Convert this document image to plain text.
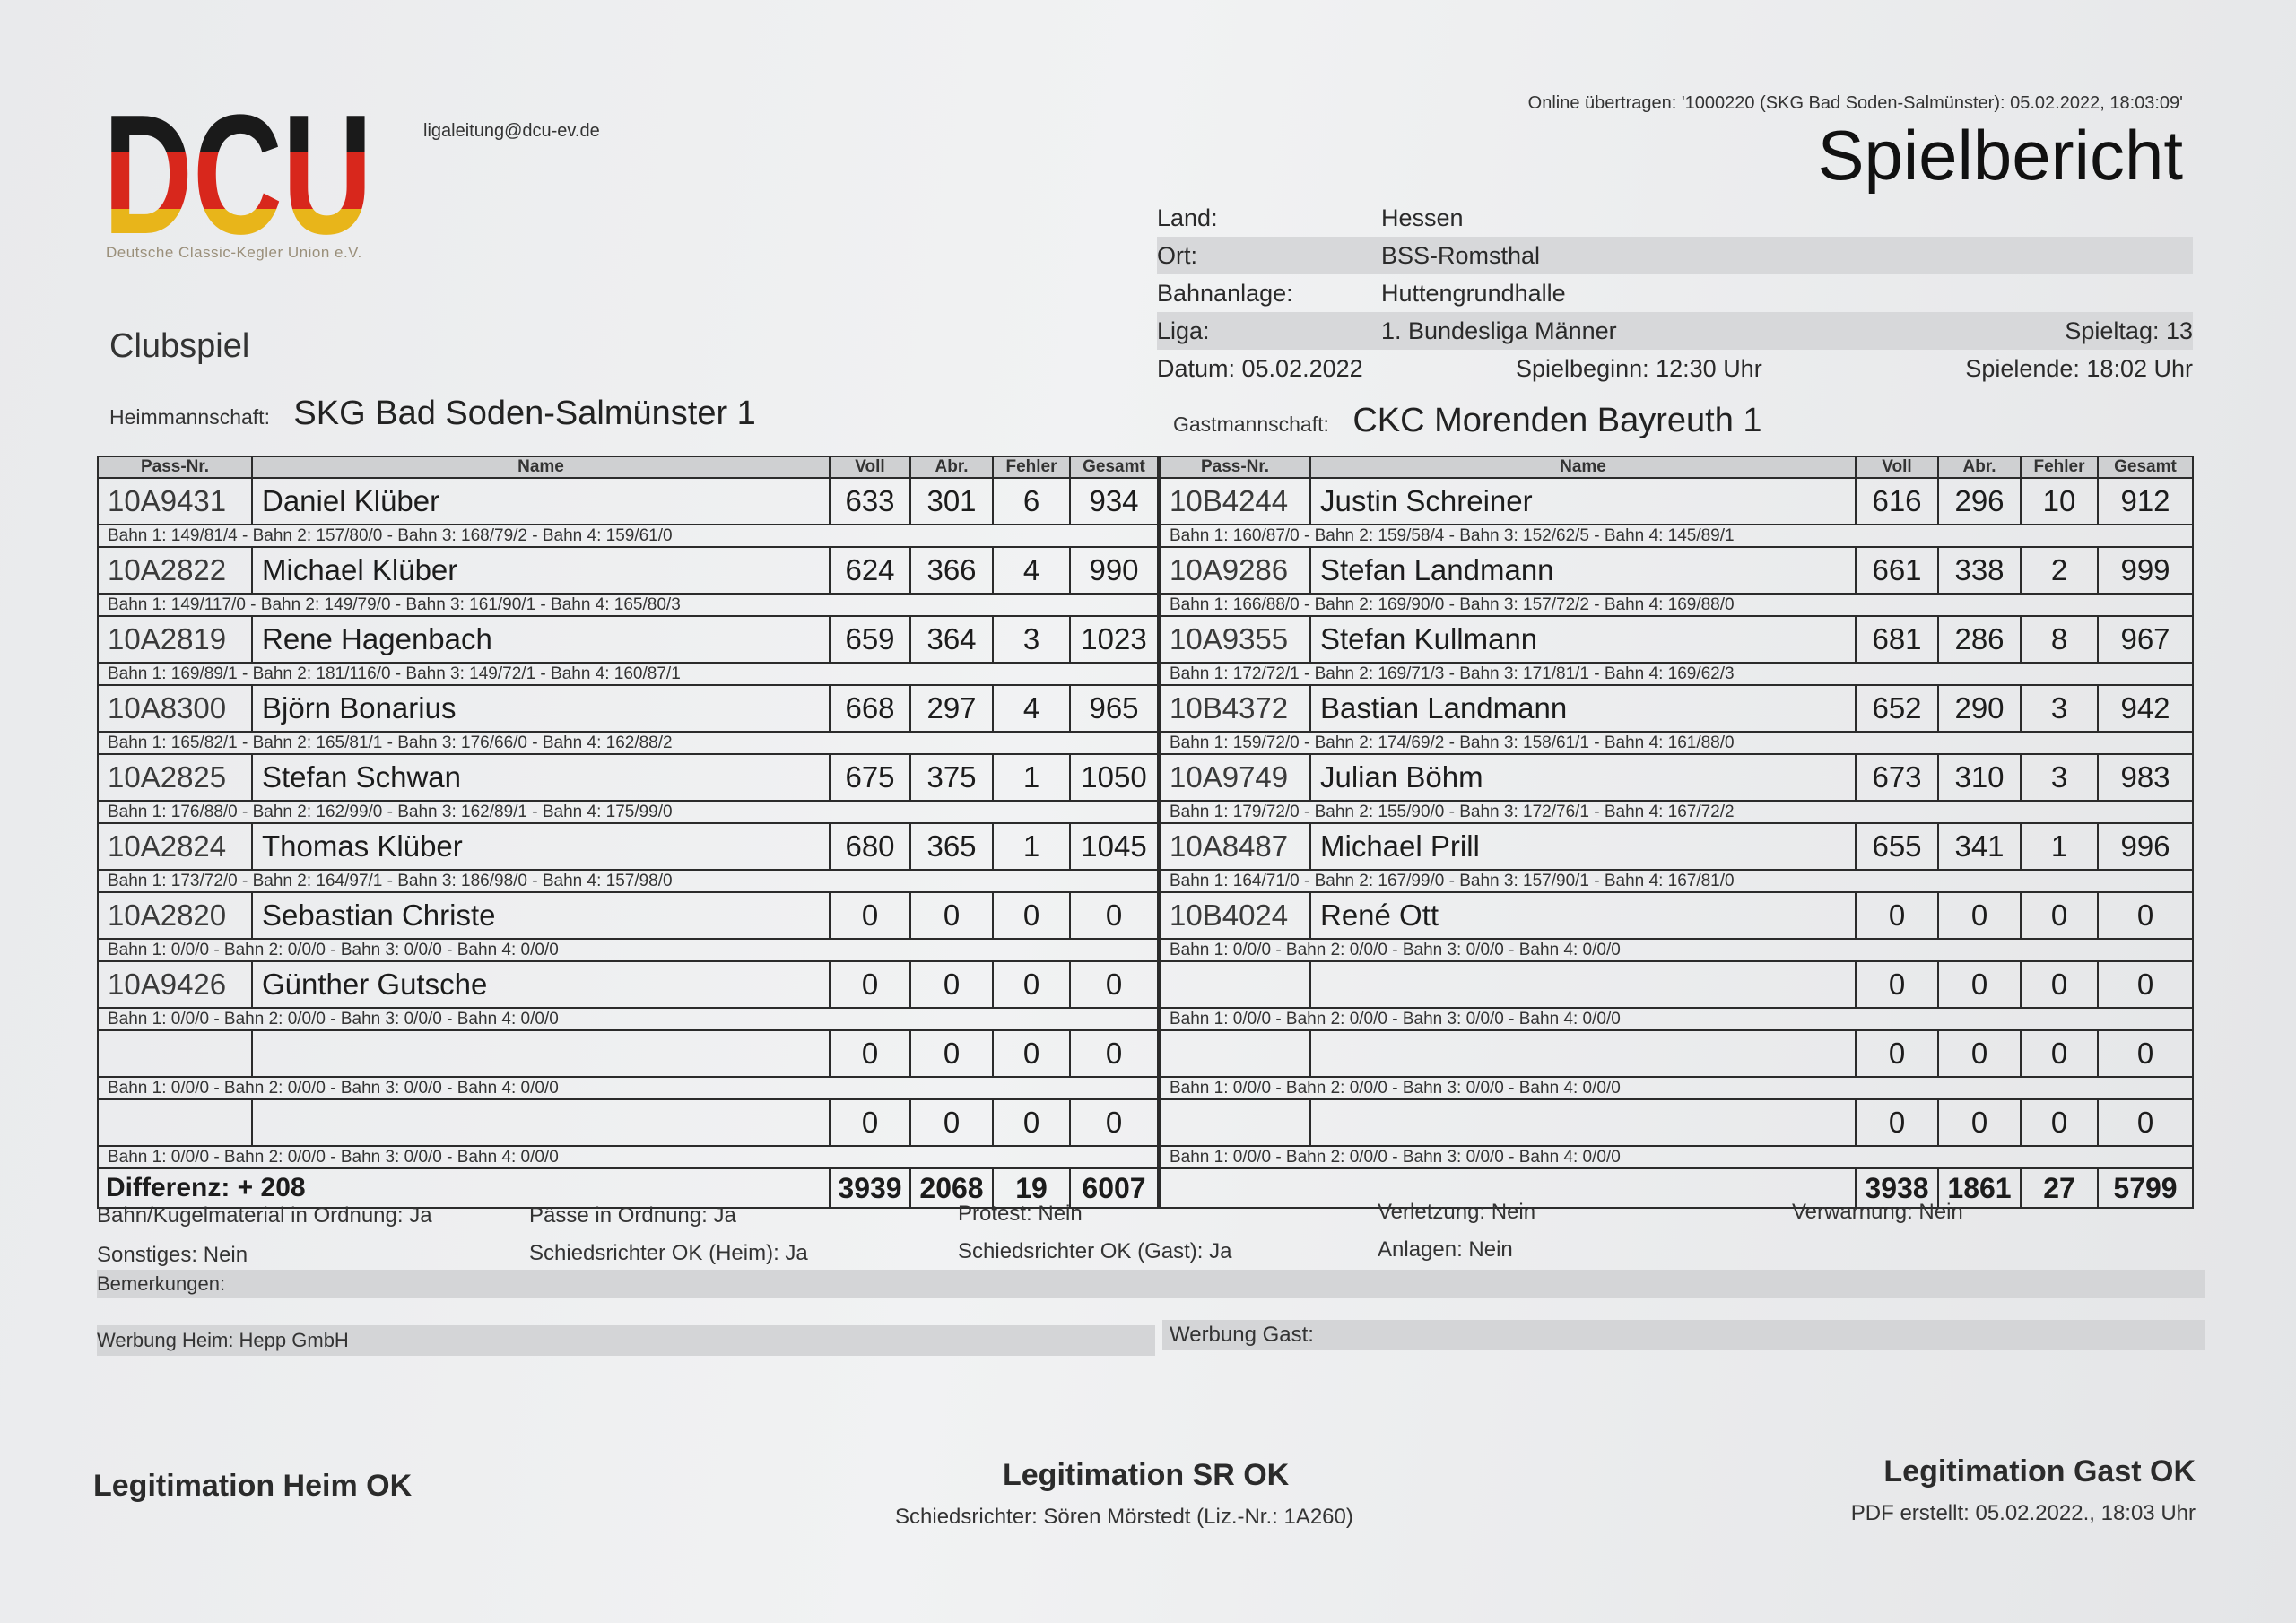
DCU
Deutsche Classic-Kegler Union e.V.
ligaleitung@dcu-ev.de
Online übertragen: '1000220 (SKG Bad Soden-Salmünster): 05.02.2022, 18:03:09'
Spielbericht
Land:	Hessen
Ort:	BSS-Romsthal
Bahnanlage:	Huttengrundhalle
Liga:	1. Bundesliga Männer	Spieltag: 13
Datum: 05.02.2022	Spielbeginn: 12:30 Uhr	Spielende: 18:02 Uhr
Clubspiel
Heimmannschaft: SKG Bad Soden-Salmünster 1	Gastmannschaft: CKC Morenden Bayreuth 1
Pass-Nr.	Name	Voll	Abr.	Fehler	Gesamt
10A9431	Daniel Klüber	633	301	6	934
Bahn 1: 149/81/4 - Bahn 2: 157/80/0 - Bahn 3: 168/79/2 - Bahn 4: 159/61/0					
10A2822	Michael Klüber	624	366	4	990
Bahn 1: 149/117/0 - Bahn 2: 149/79/0 - Bahn 3: 161/90/1 - Bahn 4: 165/80/3					
10A2819	Rene Hagenbach	659	364	3	1023
Bahn 1: 169/89/1 - Bahn 2: 181/116/0 - Bahn 3: 149/72/1 - Bahn 4: 160/87/1					
10A8300	Björn Bonarius	668	297	4	965
Bahn 1: 165/82/1 - Bahn 2: 165/81/1 - Bahn 3: 176/66/0 - Bahn 4: 162/88/2					
10A2825	Stefan Schwan	675	375	1	1050
Bahn 1: 176/88/0 - Bahn 2: 162/99/0 - Bahn 3: 162/89/1 - Bahn 4: 175/99/0					
10A2824	Thomas Klüber	680	365	1	1045
Bahn 1: 173/72/0 - Bahn 2: 164/97/1 - Bahn 3: 186/98/0 - Bahn 4: 157/98/0					
10A2820	Sebastian Christe	0	0	0	0
Bahn 1: 0/0/0 - Bahn 2: 0/0/0 - Bahn 3: 0/0/0 - Bahn 4: 0/0/0					
10A9426	Günther Gutsche	0	0	0	0
Bahn 1: 0/0/0 - Bahn 2: 0/0/0 - Bahn 3: 0/0/0 - Bahn 4: 0/0/0					
		0	0	0	0
Bahn 1: 0/0/0 - Bahn 2: 0/0/0 - Bahn 3: 0/0/0 - Bahn 4: 0/0/0					
		0	0	0	0
Bahn 1: 0/0/0 - Bahn 2: 0/0/0 - Bahn 3: 0/0/0 - Bahn 4: 0/0/0					
Differenz: + 208		3939	2068	19	6007
Pass-Nr.	Name	Voll	Abr.	Fehler	Gesamt
10B4244	Justin Schreiner	616	296	10	912
Bahn 1: 160/87/0 - Bahn 2: 159/58/4 - Bahn 3: 152/62/5 - Bahn 4: 145/89/1					
10A9286	Stefan Landmann	661	338	2	999
Bahn 1: 166/88/0 - Bahn 2: 169/90/0 - Bahn 3: 157/72/2 - Bahn 4: 169/88/0					
10A9355	Stefan Kullmann	681	286	8	967
Bahn 1: 172/72/1 - Bahn 2: 169/71/3 - Bahn 3: 171/81/1 - Bahn 4: 169/62/3					
10B4372	Bastian Landmann	652	290	3	942
Bahn 1: 159/72/0 - Bahn 2: 174/69/2 - Bahn 3: 158/61/1 - Bahn 4: 161/88/0					
10A9749	Julian Böhm	673	310	3	983
Bahn 1: 179/72/0 - Bahn 2: 155/90/0 - Bahn 3: 172/76/1 - Bahn 4: 167/72/2					
10A8487	Michael Prill	655	341	1	996
Bahn 1: 164/71/0 - Bahn 2: 167/99/0 - Bahn 3: 157/90/1 - Bahn 4: 167/81/0					
10B4024	René Ott	0	0	0	0
Bahn 1: 0/0/0 - Bahn 2: 0/0/0 - Bahn 3: 0/0/0 - Bahn 4: 0/0/0					
		0	0	0	0
Bahn 1: 0/0/0 - Bahn 2: 0/0/0 - Bahn 3: 0/0/0 - Bahn 4: 0/0/0					
		0	0	0	0
Bahn 1: 0/0/0 - Bahn 2: 0/0/0 - Bahn 3: 0/0/0 - Bahn 4: 0/0/0					
		0	0	0	0
Bahn 1: 0/0/0 - Bahn 2: 0/0/0 - Bahn 3: 0/0/0 - Bahn 4: 0/0/0					
		3938	1861	27	5799
Bahn/Kugelmaterial in Ordnung: Ja	Pässe in Ordnung: Ja	Protest: Nein	Verletzung: Nein	Verwarnung: Nein
Sonstiges: Nein	Schiedsrichter OK (Heim): Ja	Schiedsrichter OK (Gast): Ja	Anlagen: Nein
Bemerkungen:
Werbung Heim: Hepp GmbH	Werbung Gast:
Legitimation Heim OK	Legitimation SR OK
Schiedsrichter: Sören Mörstedt (Liz.-Nr.: 1A260)
Legitimation Gast OK
PDF erstellt: 05.02.2022., 18:03 Uhr
